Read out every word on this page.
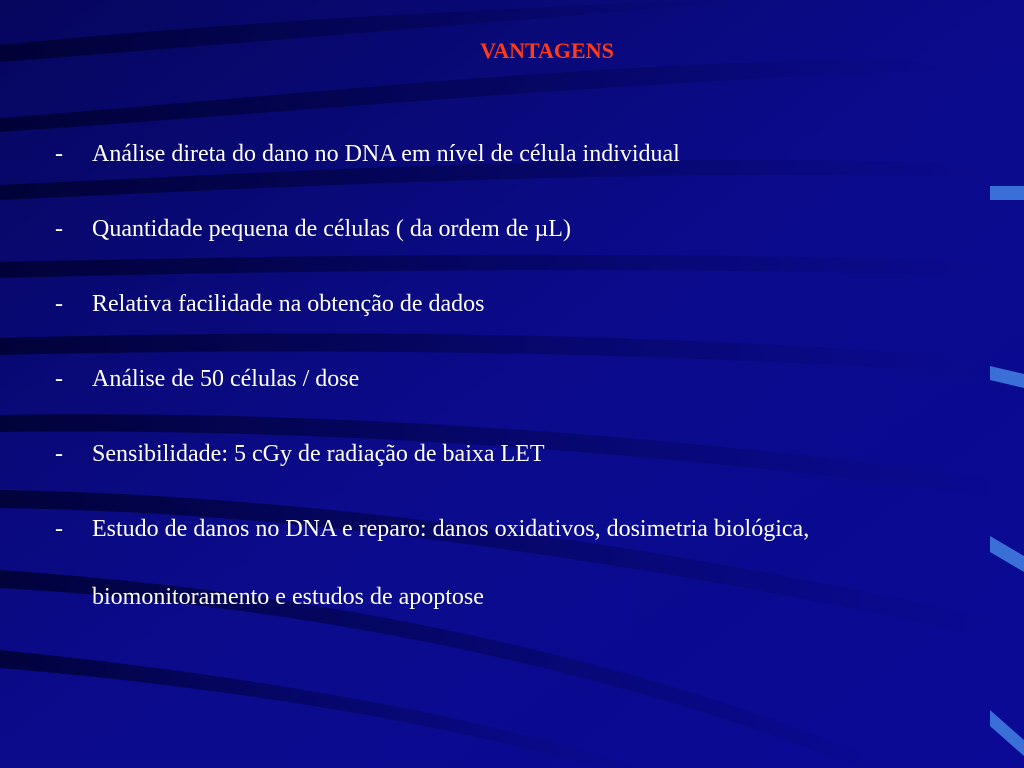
VANTAGENS
- Análise direta do dano no DNA em nível de célula individual
- Quantidade pequena de células ( da ordem de µL)
- Relativa facilidade na obtenção de dados
- Análise de 50 células / dose
- Sensibilidade: 5 cGy de radiação de baixa LET
- Estudo de danos no DNA e reparo: danos oxidativos, dosimetria biológica, biomonitoramento e estudos de apoptose
